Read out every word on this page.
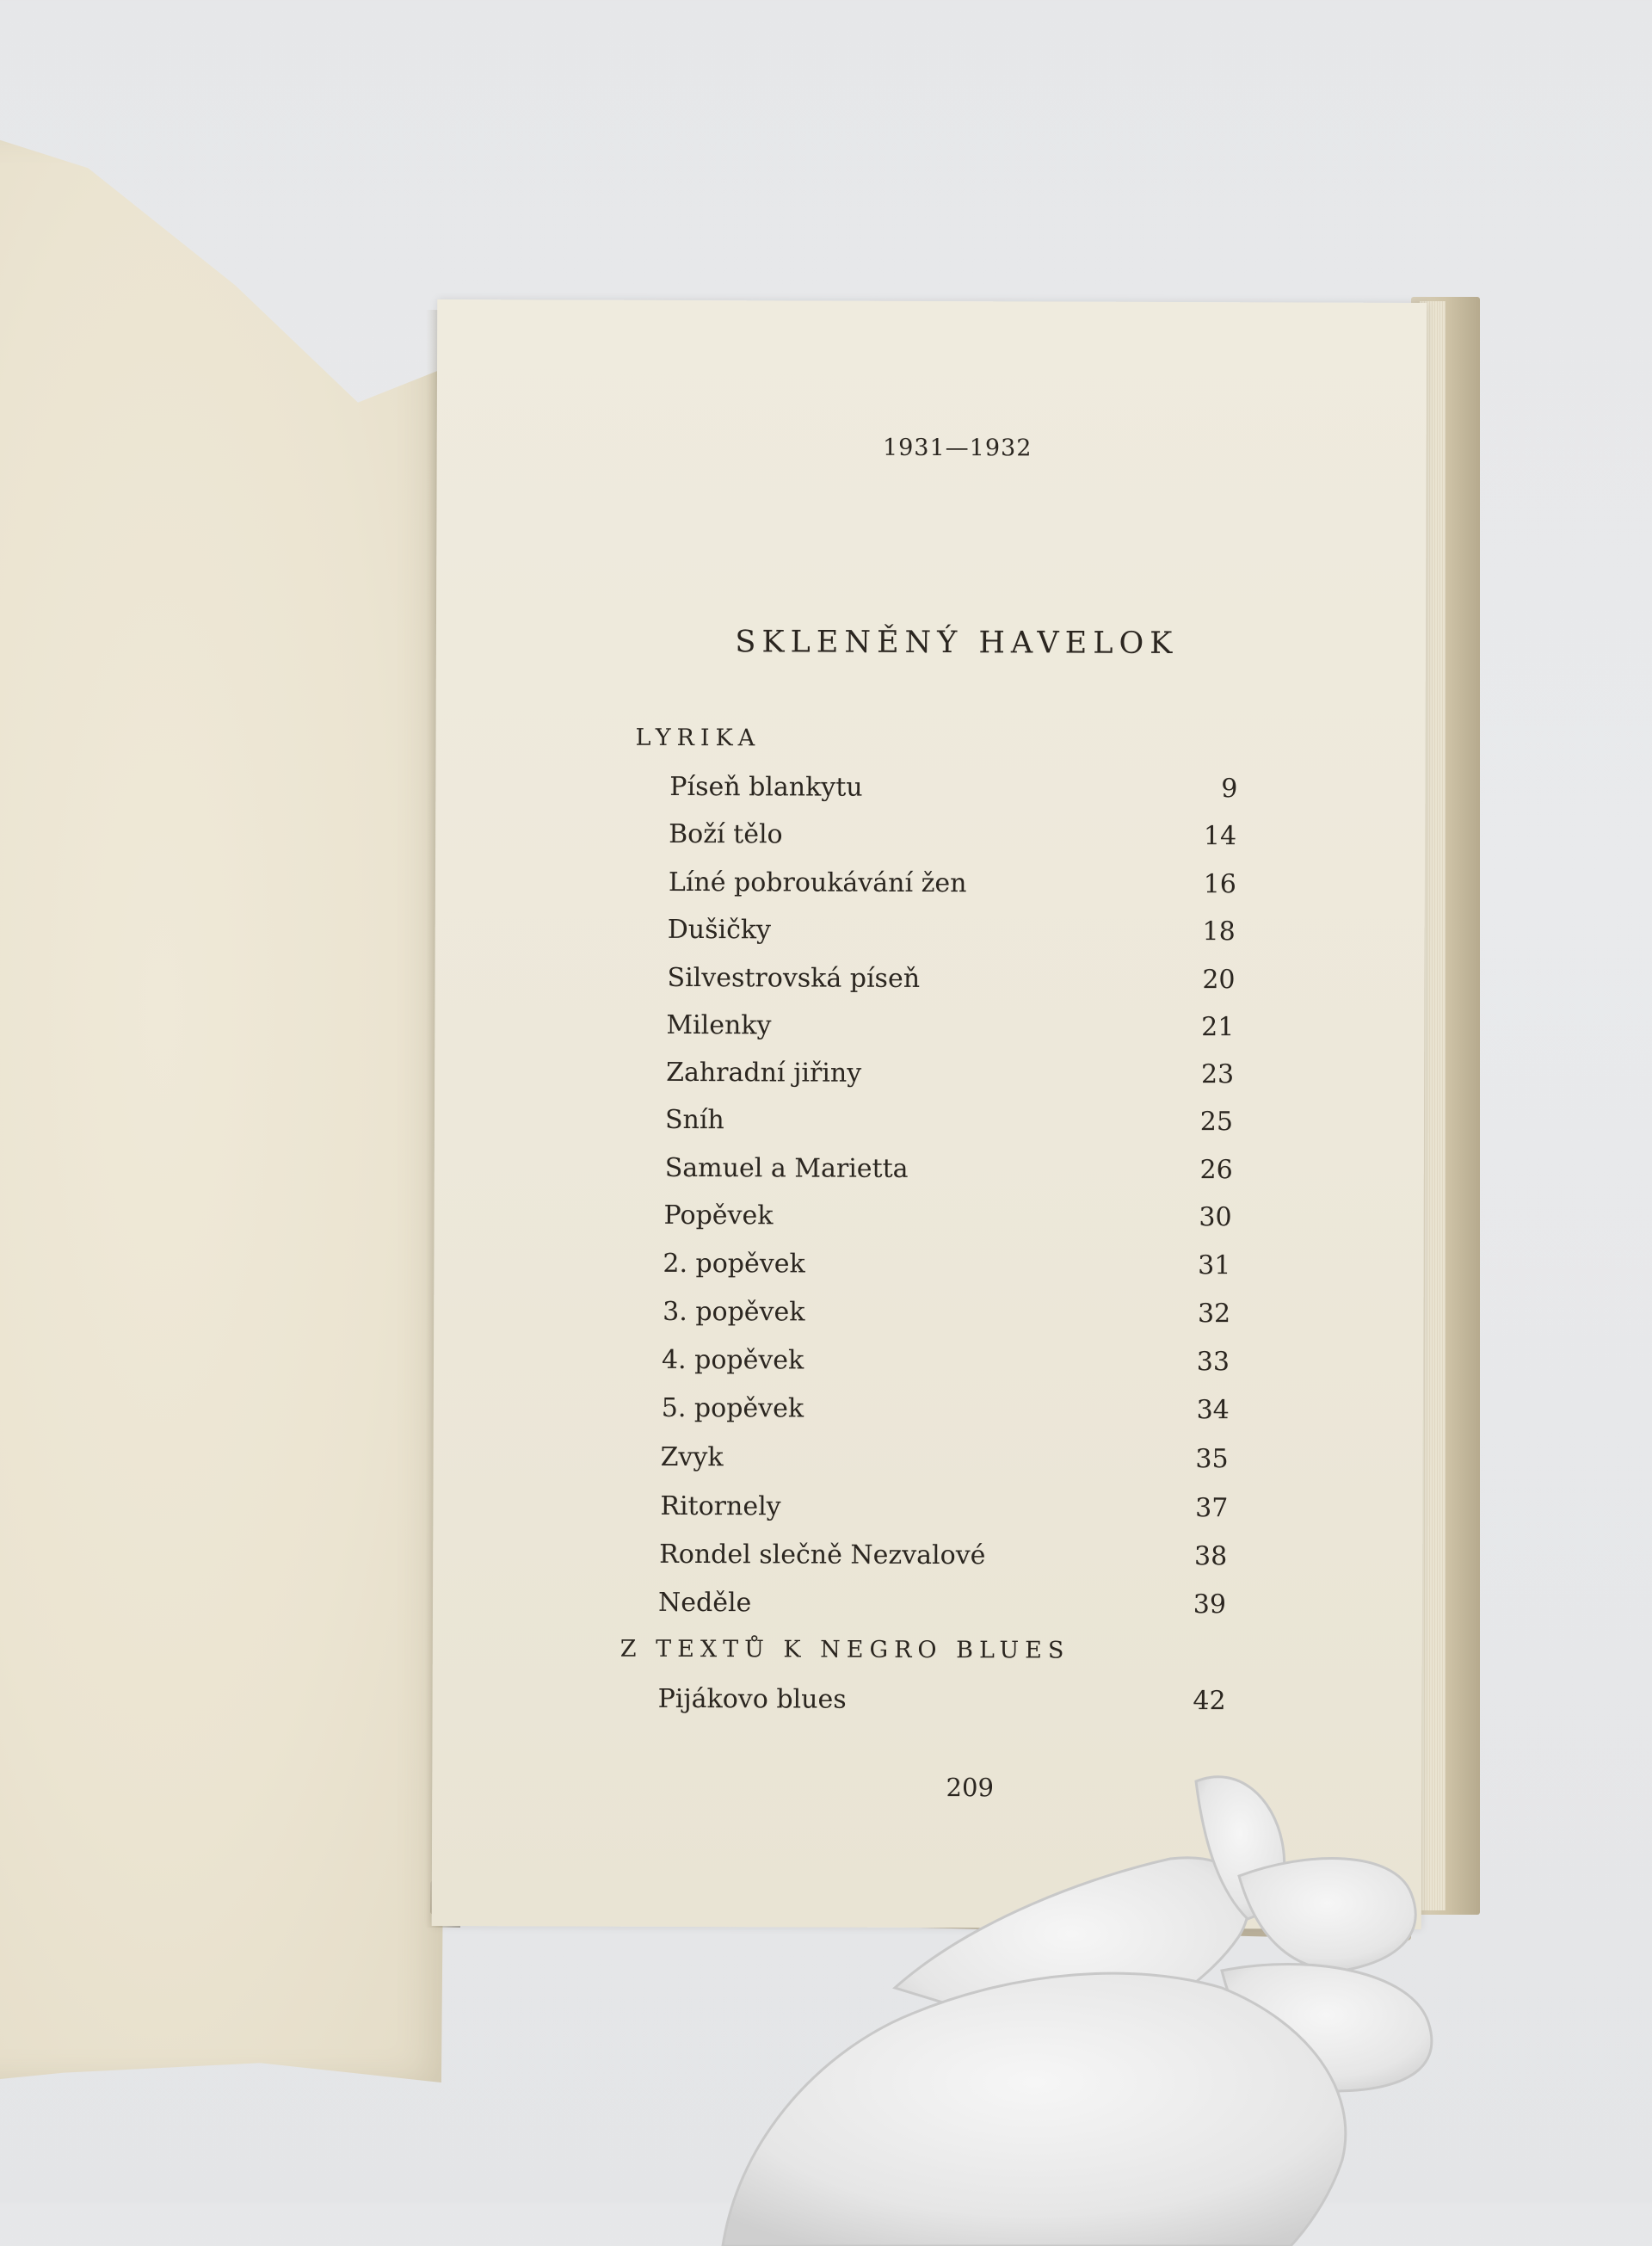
1931—1932
SKLENĚNÝ HAVELOK
LYRIKA
Píseň blankytu	9
Boží tělo	14
Líné pobroukávání žen	16
Dušičky	18
Silvestrovská píseň	20
Milenky	21
Zahradní jiřiny	23
Sníh	25
Samuel a Marietta	26
Popěvek	30
2. popěvek	31
3. popěvek	32
4. popěvek	33
5. popěvek	34
Zvyk	35
Ritornely	37
Rondel slečně Nezvalové	38
Neděle	39
Z TEXTŮ K NEGRO BLUES
Pijákovo blues	42
209
